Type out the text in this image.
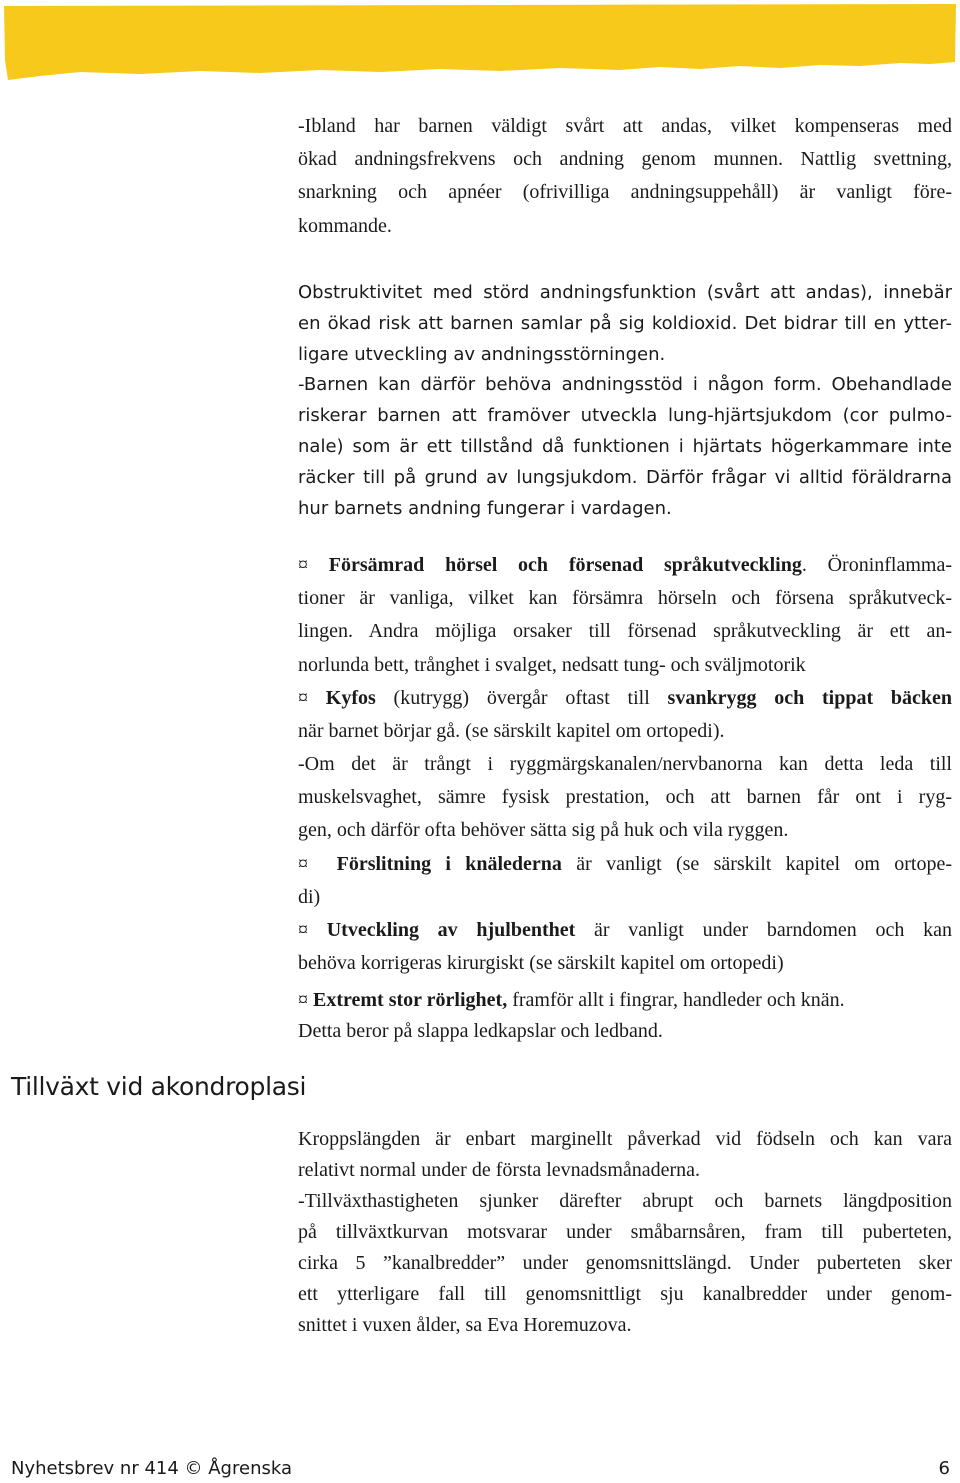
-Ibland har barnen väldigt svårt att andas, vilket kompenseras med
ökad andningsfrekvens och andning genom munnen. Nattlig svettning,
snarkning och apnéer (ofrivilliga andningsuppehåll) är vanligt före-
kommande.

Obstruktivitet med störd andningsfunktion (svårt att andas), innebär
en ökad risk att barnen samlar på sig koldioxid. Det bidrar till en ytter-
ligare utveckling av andningsstörningen.
-Barnen kan därför behöva andningsstöd i någon form. Obehandlade
riskerar barnen att framöver utveckla lung-hjärtsjukdom (cor pulmo-
nale) som är ett tillstånd då funktionen i hjärtats högerkammare inte
räcker till på grund av lungsjukdom. Därför frågar vi alltid föräldrarna
hur barnets andning fungerar i vardagen.

¤ Försämrad hörsel och försenad språkutveckling. Öroninflamma-
tioner är vanliga, vilket kan försämra hörseln och försena språkutveck-
lingen. Andra möjliga orsaker till försenad språkutveckling är ett an-
norlunda bett, trånghet i svalget, nedsatt tung- och sväljmotorik

¤ Kyfos (kutrygg) övergår oftast till svankrygg och tippat bäcken
när barnet börjar gå. (se särskilt kapitel om ortopedi).

-Om det är trångt i ryggmärgskanalen/nervbanorna kan detta leda till
muskelsvaghet, sämre fysisk prestation, och att barnen får ont i ryg-
gen, och därför ofta behöver sätta sig på huk och vila ryggen.

¤ Förslitning i knälederna är vanligt (se särskilt kapitel om ortope-
di)

¤ Utveckling av hjulbenthet är vanligt under barndomen och kan
behöva korrigeras kirurgiskt (se särskilt kapitel om ortopedi)

¤ Extremt stor rörlighet, framför allt i fingrar, handleder och knän.
Detta beror på slappa ledkapslar och ledband.

Tillväxt vid akondroplasi

Kroppslängden är enbart marginellt påverkad vid födseln och kan vara
relativt normal under de första levnadsmånaderna.
-Tillväxthastigheten sjunker därefter abrupt och barnets längdposition
på tillväxtkurvan motsvarar under småbarnsåren, fram till puberteten,
cirka 5 ”kanalbredder” under genomsnittslängd. Under puberteten sker
ett ytterligare fall till genomsnittligt sju kanalbredder under genom-
snittet i vuxen ålder, sa Eva Horemuzova.

Nyhetsbrev nr 414 © Ågrenska	6
